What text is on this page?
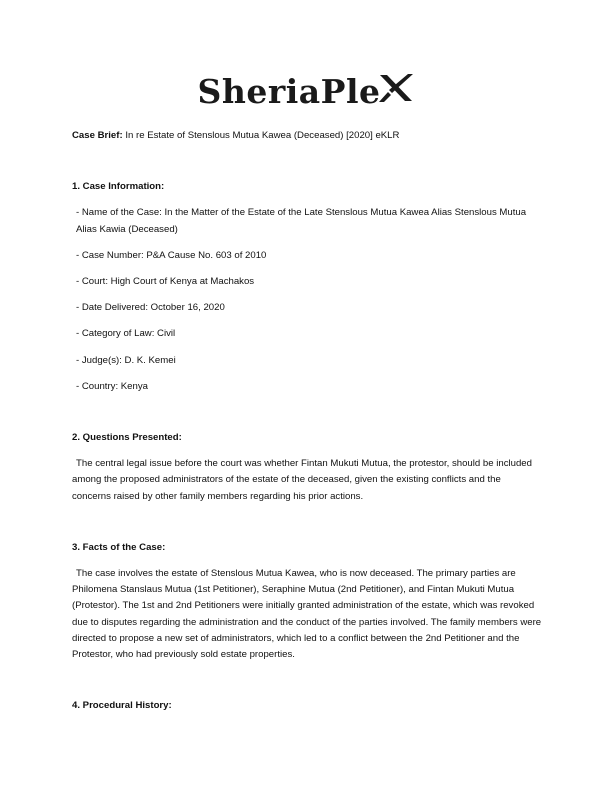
SheriaPle

Case Brief: In re Estate of Stenslous Mutua Kawea (Deceased) [2020] eKLR

1. Case Information:

- Name of the Case: In the Matter of the Estate of the Late Stenslous Mutua Kawea Alias Stenslous Mutua Alias Kawia (Deceased)

- Case Number: P&A Cause No. 603 of 2010

- Court: High Court of Kenya at Machakos

- Date Delivered: October 16, 2020

- Category of Law: Civil

- Judge(s): D. K. Kemei

- Country: Kenya

2. Questions Presented:

The central legal issue before the court was whether Fintan Mukuti Mutua, the protestor, should be included among the proposed administrators of the estate of the deceased, given the existing conflicts and the concerns raised by other family members regarding his prior actions.

3. Facts of the Case:

The case involves the estate of Stenslous Mutua Kawea, who is now deceased. The primary parties are Philomena Stanslaus Mutua (1st Petitioner), Seraphine Mutua (2nd Petitioner), and Fintan Mukuti Mutua (Protestor). The 1st and 2nd Petitioners were initially granted administration of the estate, which was revoked due to disputes regarding the administration and the conduct of the parties involved. The family members were directed to propose a new set of administrators, which led to a conflict between the 2nd Petitioner and the Protestor, who had previously sold estate properties.

4. Procedural History:
